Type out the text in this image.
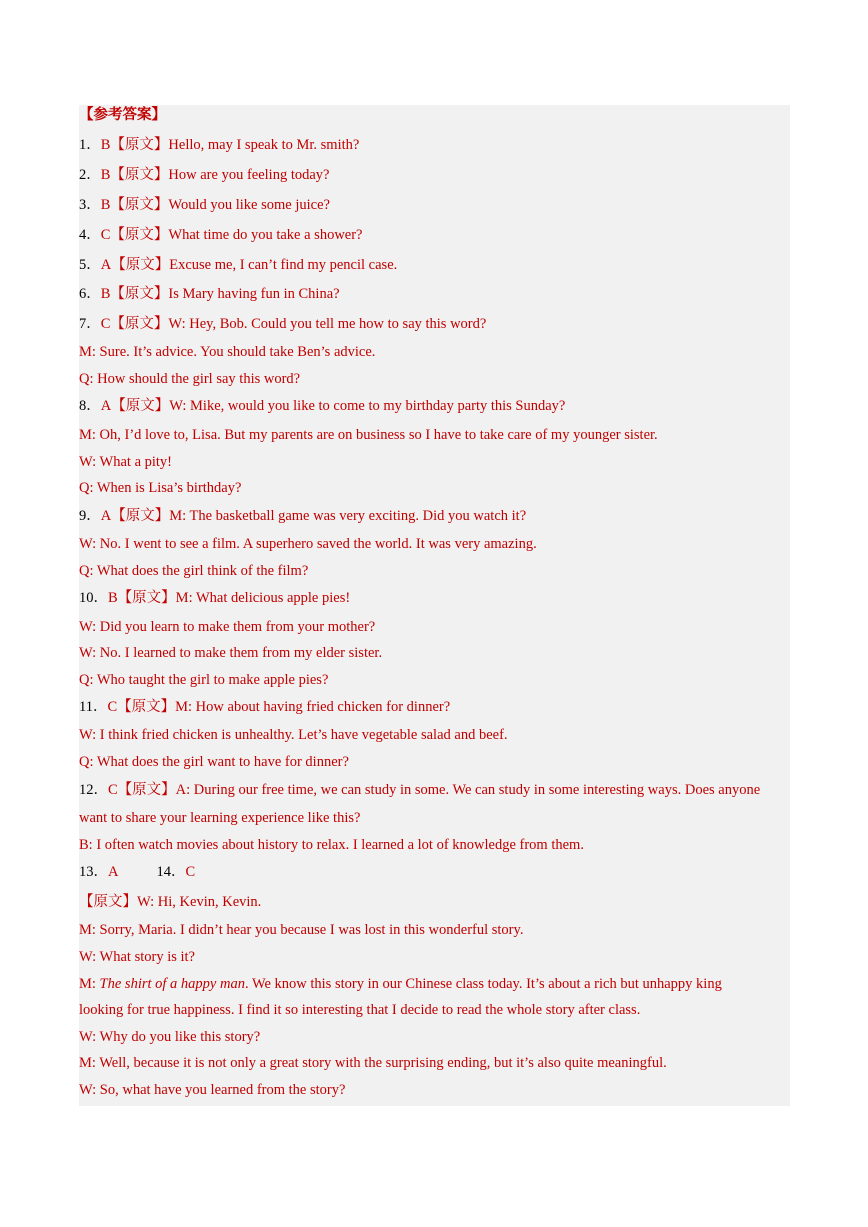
【参考答案】
1．B【原文】Hello, may I speak to Mr. smith?
2．B【原文】How are you feeling today?
3．B【原文】Would you like some juice?
4．C【原文】What time do you take a shower?
5．A【原文】Excuse me, I can’t find my pencil case.
6．B【原文】Is Mary having fun in China?
7．C【原文】W: Hey, Bob. Could you tell me how to say this word?
M: Sure. It’s advice. You should take Ben’s advice.
Q: How should the girl say this word?
8．A【原文】W: Mike, would you like to come to my birthday party this Sunday?
M: Oh, I’d love to, Lisa. But my parents are on business so I have to take care of my younger sister.
W: What a pity!
Q: When is Lisa’s birthday?
9．A【原文】M: The basketball game was very exciting. Did you watch it?
W: No. I went to see a film. A superhero saved the world. It was very amazing.
Q: What does the girl think of the film?
10．B【原文】M: What delicious apple pies!
W: Did you learn to make them from your mother?
W: No. I learned to make them from my elder sister.
Q: Who taught the girl to make apple pies?
11．C【原文】M: How about having fried chicken for dinner?
W: I think fried chicken is unhealthy. Let’s have vegetable salad and beef.
Q: What does the girl want to have for dinner?
12．C【原文】A: During our free time, we can study in some. We can study in some interesting ways. Does anyone
want to share your learning experience like this?
B: I often watch movies about history to relax. I learned a lot of knowledge from them.
13．A	14．C
【原文】W: Hi, Kevin, Kevin.
M: Sorry, Maria. I didn’t hear you because I was lost in this wonderful story.
W: What story is it?
M: The shirt of a happy man. We know this story in our Chinese class today. It’s about a rich but unhappy king
looking for true happiness. I find it so interesting that I decide to read the whole story after class.
W: Why do you like this story?
M: Well, because it is not only a great story with the surprising ending, but it’s also quite meaningful.
W: So, what have you learned from the story?
